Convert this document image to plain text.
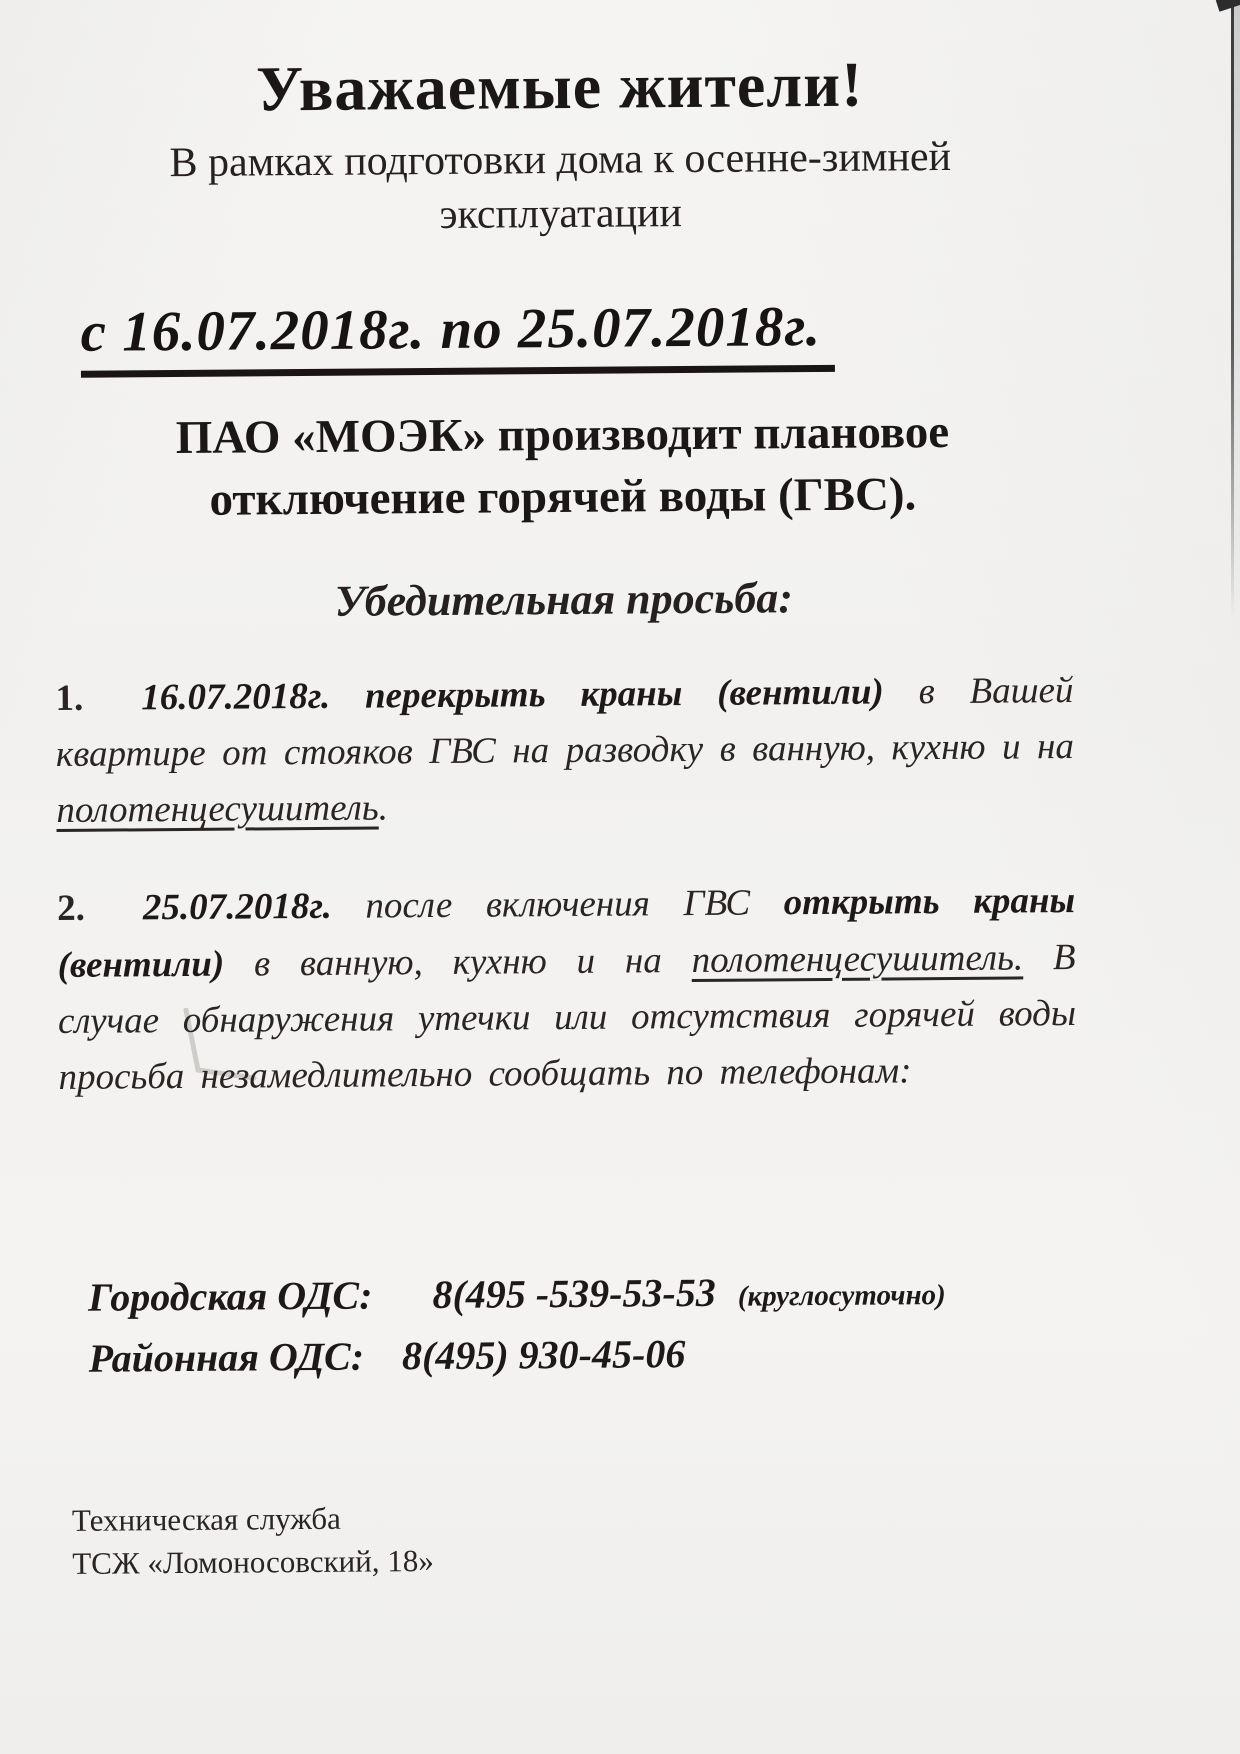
Уважаемые жители!

В рамках подготовки дома к осенне-зимней
эксплуатации

с 16.07.2018г. по 25.07.2018г.

ПАО «МОЭК» производит плановое
отключение горячей воды (ГВС).

Убедительная просьба:

1. 16.07.2018г. перекрыть краны (вентили) в Вашей квартире от стояков ГВС на разводку в ванную, кухню и на полотенцесушитель.

2. 25.07.2018г. после включения ГВС открыть краны (вентили) в ванную, кухню и на полотенцесушитель. В случае обнаружения утечки или отсутствия горячей воды просьба незамедлительно сообщать по телефонам:

Городская ОДС: 8(495 -539-53-53 (круглосуточно)
Районная ОДС: 8(495) 930-45-06

Техническая служба

ТСЖ «Ломоносовский, 18»
